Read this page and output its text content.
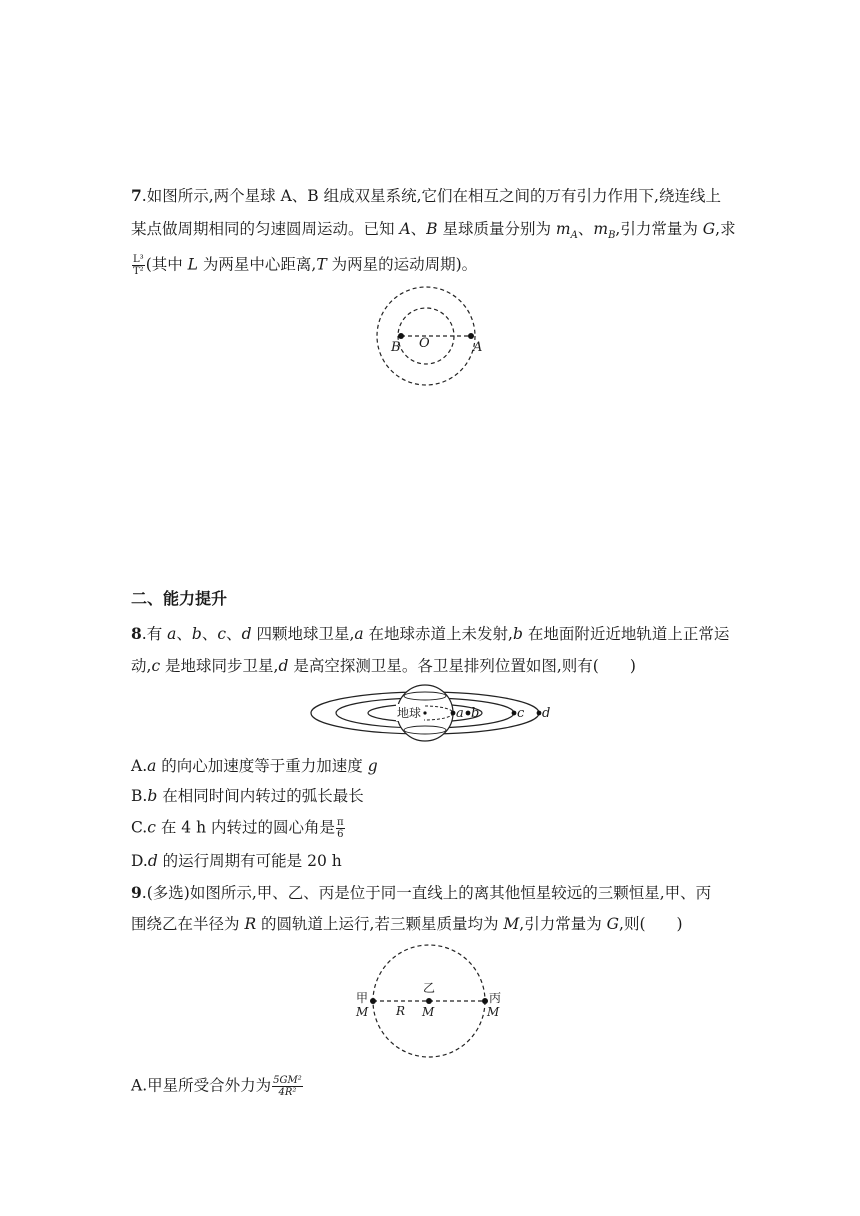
7.如图所示,两个星球 A、B 组成双星系统,它们在相互之间的万有引力作用下,绕连线上
某点做周期相同的匀速圆周运动。已知 A、B 星球质量分别为 $m_A$、$m_B$,引力常量为 G,求
$\frac{\text{L³}}{\text{T²}}$ (其中 L 为两星中心距离,T 为两星的运动周期)。
B O	A
二、能力提升
8.有 a、b、c、d 四颗地球卫星,a 在地球赤道上未发射,b 在地面附近近地轨道上正常运
动,c 是地球同步卫星,d 是高空探测卫星。各卫星排列位置如图,则有(　　)
地球	a b	c d
A.a 的向心加速度等于重力加速度 g
B.b 在相同时间内转过的弧长最长
C.c 在 4 h 内转过的圆心角是 $\frac{\pi}{6}$
D.d 的运行周期有可能是 20 h
9.(多选)如图所示,甲、乙、丙是位于同一直线上的离其他恒星较远的三颗恒星,甲、丙
围绕乙在半径为 R 的圆轨道上运行,若三颗星质量均为 M,引力常量为 G,则(　　)
甲
M
乙
M
R
丙
M
A.甲星所受合外力为 $\frac{\text{5GM²}}{\text{4R²}}$
